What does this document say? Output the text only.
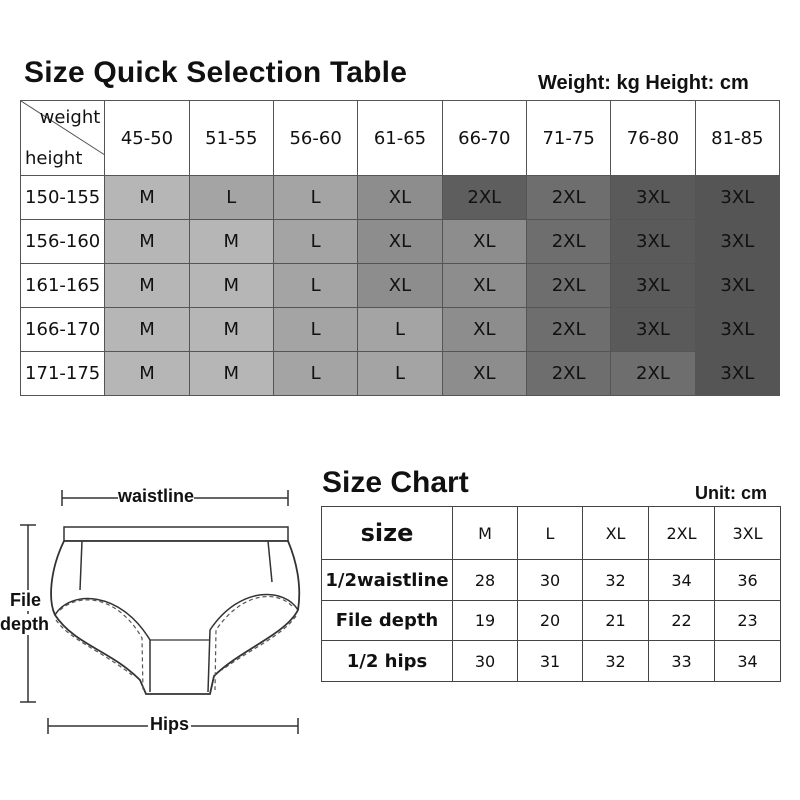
Size Quick Selection Table	Weight: kg Height: cm
weight
height	45-50	51-55	56-60	61-65	66-70	71-75	76-80	81-85
150-155	M	L	L	XL	2XL	2XL	3XL	3XL
156-160	M	M	L	XL	XL	2XL	3XL	3XL
161-165	M	M	L	XL	XL	2XL	3XL	3XL
166-170	M	M	L	L	XL	2XL	3XL	3XL
171-175	M	M	L	L	XL	2XL	2XL	3XL
waistline
File
depth
Hips
Size Chart	Unit: cm
size	M	L	XL	2XL	3XL
1/2waistline	28	30	32	34	36
File depth	19	20	21	22	23
1/2 hips	30	31	32	33	34
